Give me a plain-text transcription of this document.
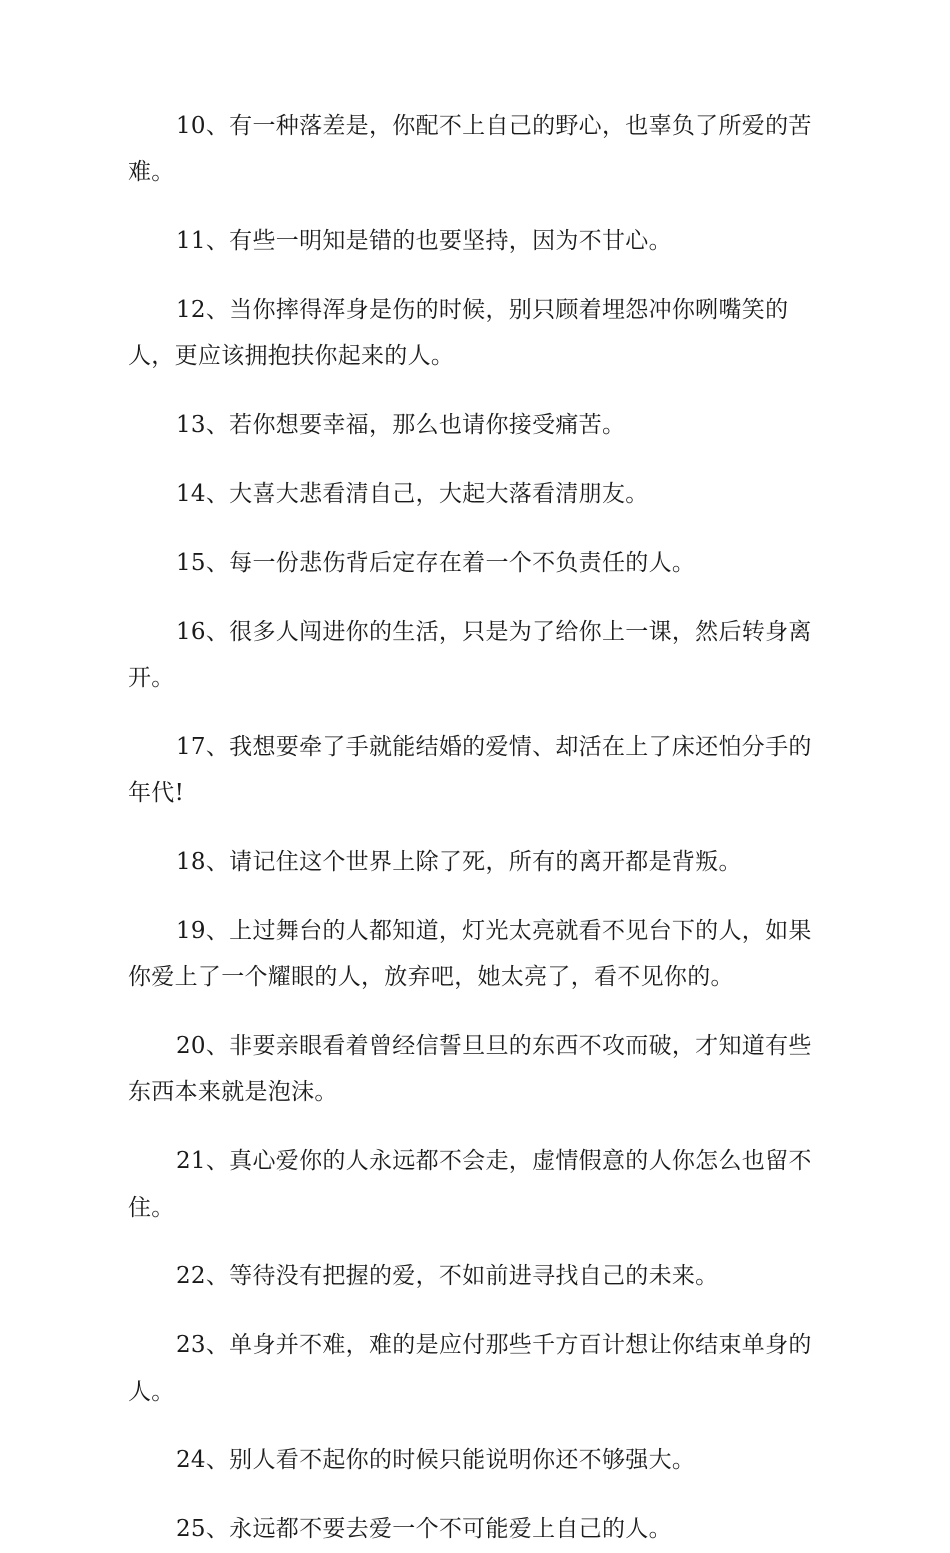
10、有一种落差是，你配不上自己的野心，也辜负了所爱的苦难。

11、有些一明知是错的也要坚持，因为不甘心。

12、当你摔得浑身是伤的时候，别只顾着埋怨冲你咧嘴笑的人，更应该拥抱扶你起来的人。

13、若你想要幸福，那么也请你接受痛苦。

14、大喜大悲看清自己，大起大落看清朋友。

15、每一份悲伤背后定存在着一个不负责任的人。

16、很多人闯进你的生活，只是为了给你上一课，然后转身离开。

17、我想要牵了手就能结婚的爱情、却活在上了床还怕分手的年代!

18、请记住这个世界上除了死，所有的离开都是背叛。

19、上过舞台的人都知道，灯光太亮就看不见台下的人，如果你爱上了一个耀眼的人，放弃吧，她太亮了，看不见你的。

20、非要亲眼看着曾经信誓旦旦的东西不攻而破，才知道有些东西本来就是泡沫。

21、真心爱你的人永远都不会走，虚情假意的人你怎么也留不住。

22、等待没有把握的爱，不如前进寻找自己的未来。

23、单身并不难，难的是应付那些千方百计想让你结束单身的人。

24、别人看不起你的时候只能说明你还不够强大。

25、永远都不要去爱一个不可能爱上自己的人。
